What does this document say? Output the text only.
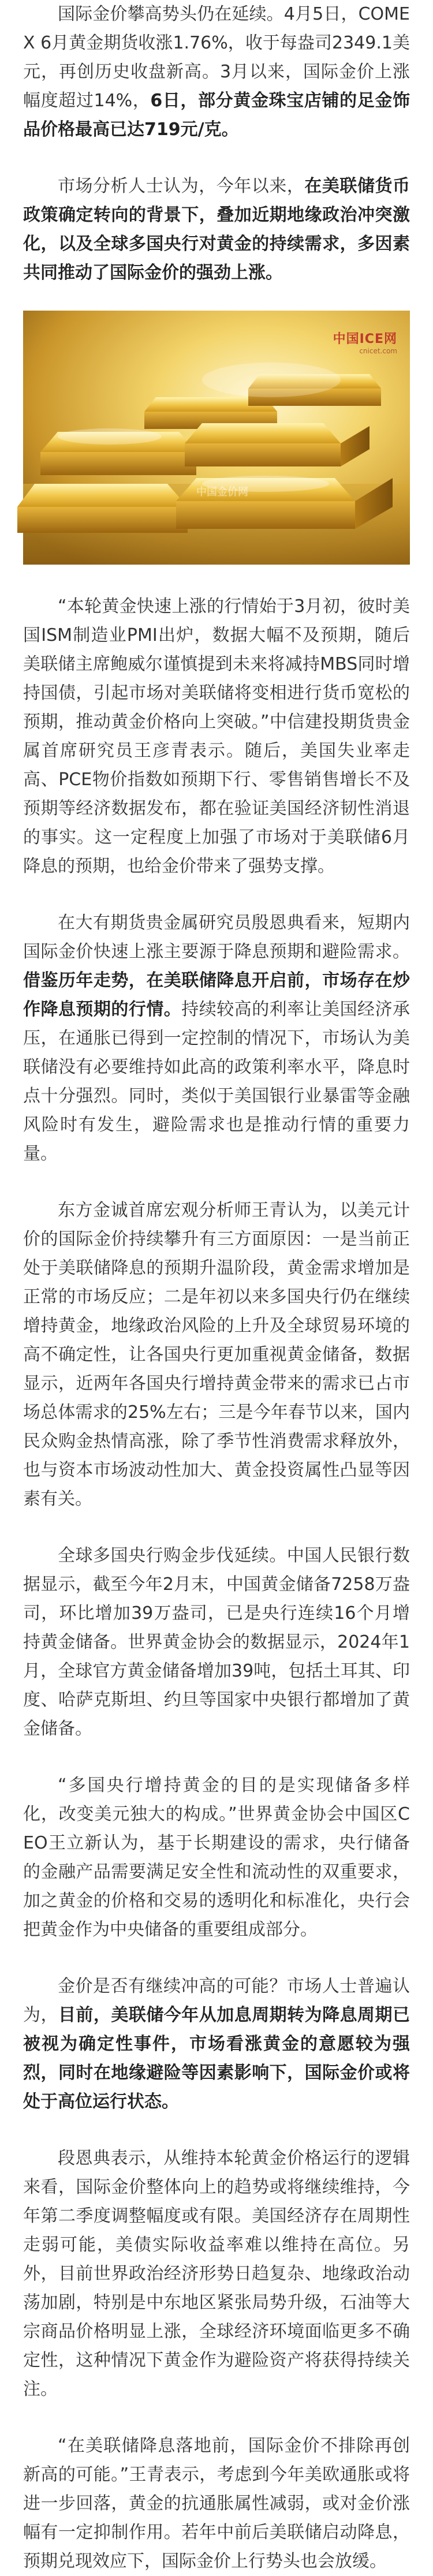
国际金价攀高势头仍在延续。4月5日，COMEX 6月黄金期货收涨1.76%，收于每盎司2349.1美元，再创历史收盘新高。3月以来，国际金价上涨幅度超过14%，6日，部分黄金珠宝店铺的足金饰品价格最高已达719元/克。

市场分析人士认为，今年以来，在美联储货币政策确定转向的背景下，叠加近期地缘政治冲突激化，以及全球多国央行对黄金的持续需求，多因素共同推动了国际金价的强劲上涨。

中国ICE网
cnicet.com
中国金价网

“本轮黄金快速上涨的行情始于3月初，彼时美国ISM制造业PMI出炉，数据大幅不及预期，随后美联储主席鲍威尔谨慎提到未来将减持MBS同时增持国债，引起市场对美联储将变相进行货币宽松的预期，推动黄金价格向上突破。”中信建投期货贵金属首席研究员王彦青表示。随后，美国失业率走高、PCE物价指数如预期下行、零售销售增长不及预期等经济数据发布，都在验证美国经济韧性消退的事实。这一定程度上加强了市场对于美联储6月降息的预期，也给金价带来了强势支撑。

在大有期货贵金属研究员殷恩典看来，短期内国际金价快速上涨主要源于降息预期和避险需求。借鉴历年走势，在美联储降息开启前，市场存在炒作降息预期的行情。持续较高的利率让美国经济承压，在通胀已得到一定控制的情况下，市场认为美联储没有必要维持如此高的政策利率水平，降息时点十分强烈。同时，类似于美国银行业暴雷等金融风险时有发生，避险需求也是推动行情的重要力量。

东方金诚首席宏观分析师王青认为，以美元计价的国际金价持续攀升有三方面原因：一是当前正处于美联储降息的预期升温阶段，黄金需求增加是正常的市场反应；二是年初以来多国央行仍在继续增持黄金，地缘政治风险的上升及全球贸易环境的高不确定性，让各国央行更加重视黄金储备，数据显示，近两年各国央行增持黄金带来的需求已占市场总体需求的25%左右；三是今年春节以来，国内民众购金热情高涨，除了季节性消费需求释放外，也与资本市场波动性加大、黄金投资属性凸显等因素有关。

全球多国央行购金步伐延续。中国人民银行数据显示，截至今年2月末，中国黄金储备7258万盎司，环比增加39万盎司，已是央行连续16个月增持黄金储备。世界黄金协会的数据显示，2024年1月，全球官方黄金储备增加39吨，包括土耳其、印度、哈萨克斯坦、约旦等国家中央银行都增加了黄金储备。

“多国央行增持黄金的目的是实现储备多样化，改变美元独大的构成。”世界黄金协会中国区CEO王立新认为，基于长期建设的需求，央行储备的金融产品需要满足安全性和流动性的双重要求，加之黄金的价格和交易的透明化和标准化，央行会把黄金作为中央储备的重要组成部分。

金价是否有继续冲高的可能？市场人士普遍认为，目前，美联储今年从加息周期转为降息周期已被视为确定性事件，市场看涨黄金的意愿较为强烈，同时在地缘避险等因素影响下，国际金价或将处于高位运行状态。

段恩典表示，从维持本轮黄金价格运行的逻辑来看，国际金价整体向上的趋势或将继续维持，今年第二季度调整幅度或有限。美国经济存在周期性走弱可能，美债实际收益率难以维持在高位。另外，目前世界政治经济形势日趋复杂、地缘政治动荡加剧，特别是中东地区紧张局势升级，石油等大宗商品价格明显上涨，全球经济环境面临更多不确定性，这种情况下黄金作为避险资产将获得持续关注。

“在美联储降息落地前，国际金价不排除再创新高的可能。”王青表示，考虑到今年美欧通胀或将进一步回落，黄金的抗通胀属性减弱，或对金价涨幅有一定抑制作用。若年中前后美联储启动降息，预期兑现效应下，国际金价上行势头也会放缓。
